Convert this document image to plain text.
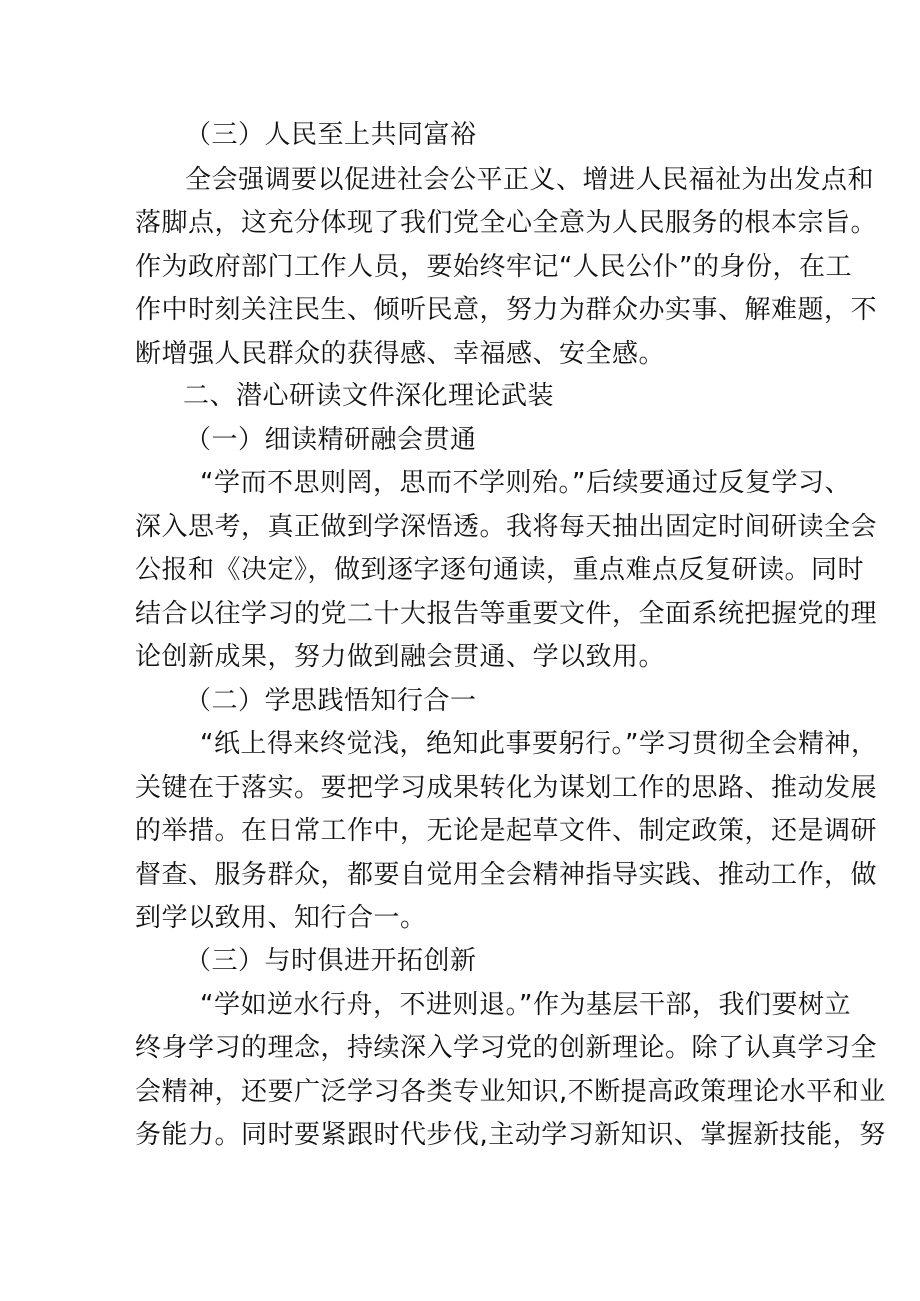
（三）人民至上共同富裕
全会强调要以促进社会公平正义、增进人民福祉为出发点和
落脚点，这充分体现了我们党全心全意为人民服务的根本宗旨。
作为政府部门工作人员，要始终牢记“人民公仆”的身份，在工
作中时刻关注民生、倾听民意，努力为群众办实事、解难题，不
断增强人民群众的获得感、幸福感、安全感。
二、潜心研读文件深化理论武装
（一）细读精研融会贯通
“学而不思则罔，思而不学则殆。”后续要通过反复学习、
深入思考，真正做到学深悟透。我将每天抽出固定时间研读全会
公报和《决定》，做到逐字逐句通读，重点难点反复研读。同时
结合以往学习的党二十大报告等重要文件，全面系统把握党的理
论创新成果，努力做到融会贯通、学以致用。
（二）学思践悟知行合一
“纸上得来终觉浅，绝知此事要躬行。”学习贯彻全会精神，
关键在于落实。要把学习成果转化为谋划工作的思路、推动发展
的举措。在日常工作中，无论是起草文件、制定政策，还是调研
督查、服务群众，都要自觉用全会精神指导实践、推动工作，做
到学以致用、知行合一。
（三）与时俱进开拓创新
“学如逆水行舟，不进则退。”作为基层干部，我们要树立
终身学习的理念，持续深入学习党的创新理论。除了认真学习全
会精神，还要广泛学习各类专业知识,不断提高政策理论水平和业
务能力。同时要紧跟时代步伐,主动学习新知识、掌握新技能，努
